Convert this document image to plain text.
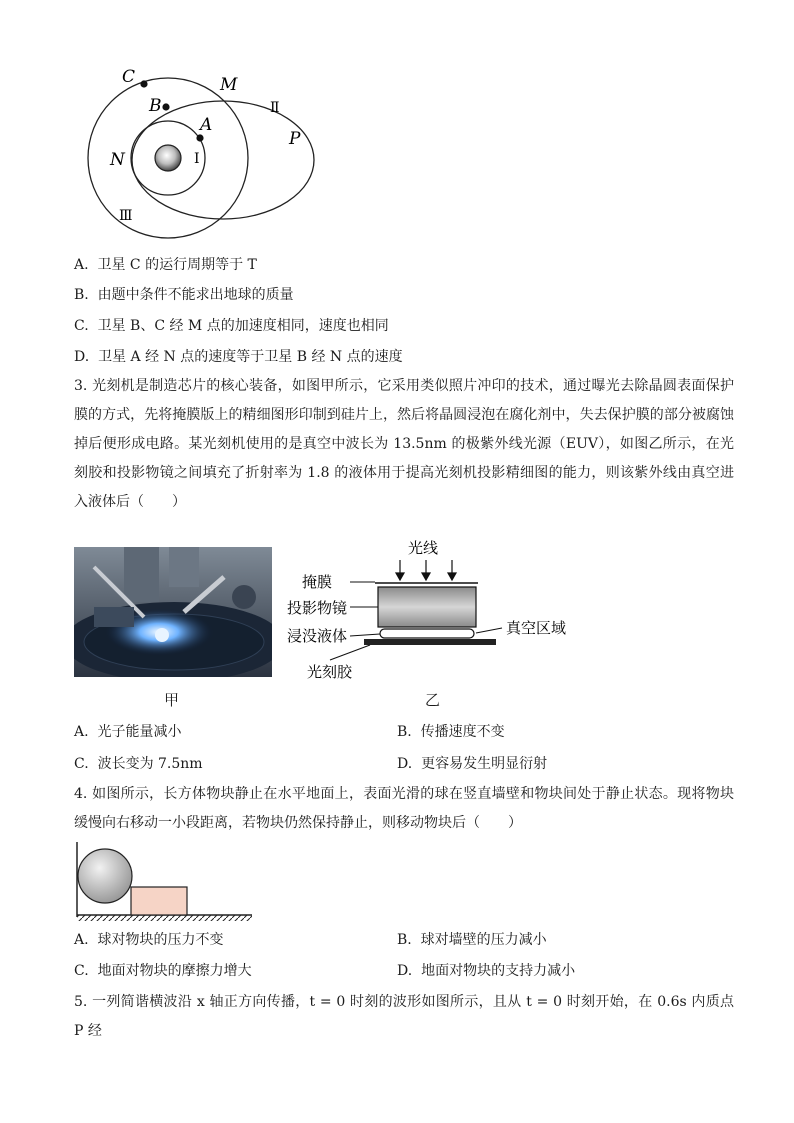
C	M
B	Ⅱ
A
P
N	Ⅰ
Ⅲ
A. 卫星 C 的运行周期等于 T
B. 由题中条件不能求出地球的质量
C. 卫星 B、C 经 M 点的加速度相同，速度也相同
D. 卫星 A 经 N 点的速度等于卫星 B 经 N 点的速度
3. 光刻机是制造芯片的核心装备，如图甲所示，它采用类似照片冲印的技术，通过曝光去除晶圆表面保护膜的方式，先将掩膜版上的精细图形印制到硅片上，然后将晶圆浸泡在腐化剂中，失去保护膜的部分被腐蚀掉后便形成电路。某光刻机使用的是真空中波长为 13.5nm 的极紫外线光源（EUV），如图乙所示，在光刻胶和投影物镜之间填充了折射率为 1.8 的液体用于提高光刻机投影精细图的能力，则该紫外线由真空进入液体后（　　）
光线
掩膜
投影物镜
浸没液体
光刻胶
真空区域
甲	乙
A. 光子能量减小	B. 传播速度不变
C. 波长变为 7.5nm	D. 更容易发生明显衍射
4. 如图所示，长方体物块静止在水平地面上，表面光滑的球在竖直墙壁和物块间处于静止状态。现将物块缓慢向右移动一小段距离，若物块仍然保持静止，则移动物块后（　　）
A. 球对物块的压力不变	B. 球对墙壁的压力减小
C. 地面对物块的摩擦力增大	D. 地面对物块的支持力减小
5. 一列简谐横波沿 x 轴正方向传播，t = 0 时刻的波形如图所示，且从 t = 0 时刻开始，在 0.6s 内质点 P 经
